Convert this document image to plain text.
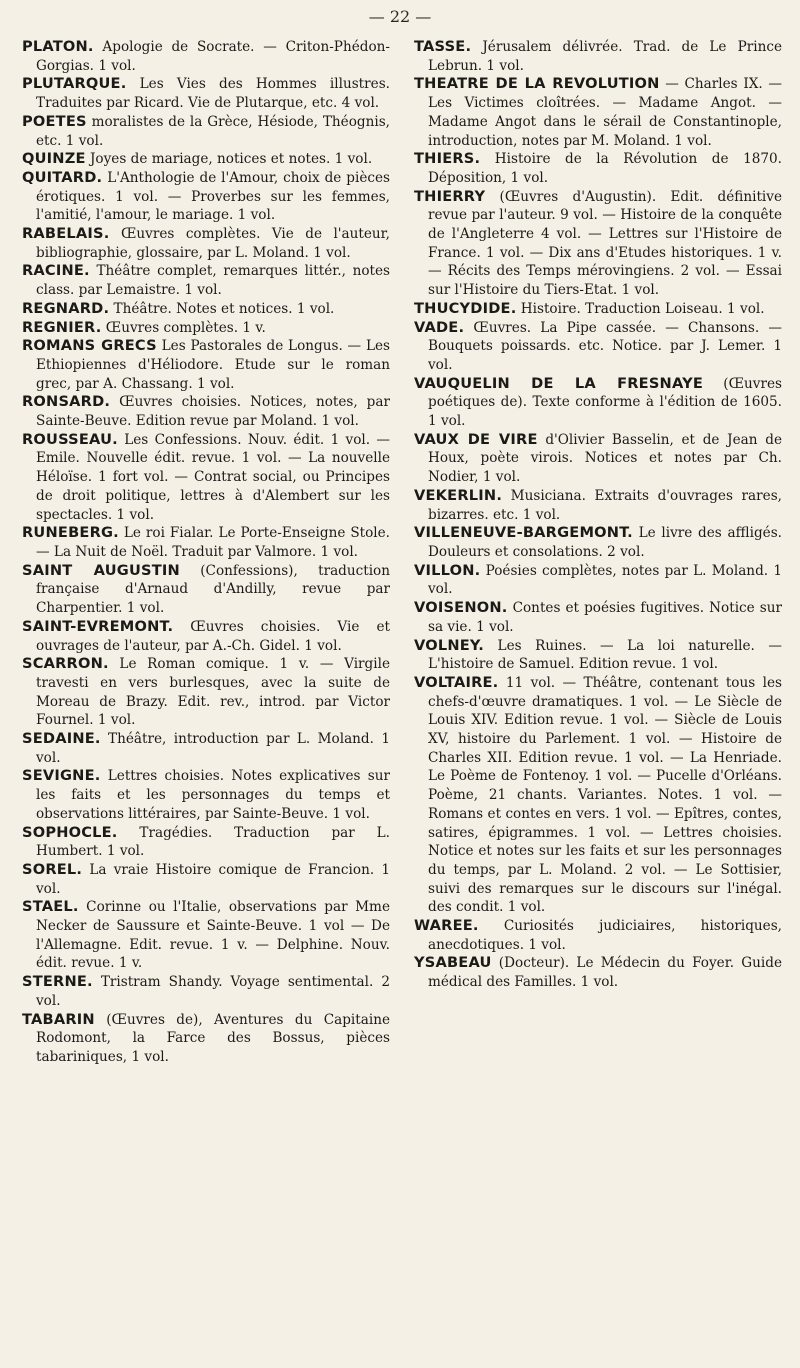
— 22 —
PLATON. Apologie de Socrate. — Criton-Phédon-Gorgias. 1 vol.
PLUTARQUE. Les Vies des Hommes illustres. Traduites par Ricard. Vie de Plutarque, etc. 4 vol.
POETES moralistes de la Grèce, Hésiode, Théognis, etc. 1 vol.
QUINZE Joyes de mariage, notices et notes. 1 vol.
QUITARD. L'Anthologie de l'Amour, choix de pièces érotiques. 1 vol. — Proverbes sur les femmes, l'amitié, l'amour, le mariage. 1 vol.
RABELAIS. Œuvres complètes. Vie de l'auteur, bibliographie, glossaire, par L. Moland. 1 vol.
RACINE. Théâtre complet, remarques littér., notes class. par Lemaistre. 1 vol.
REGNARD. Théâtre. Notes et notices. 1 vol.
REGNIER. Œuvres complètes. 1 v.
ROMANS GRECS Les Pastorales de Longus. — Les Ethiopiennes d'Héliodore. Etude sur le roman grec, par A. Chassang. 1 vol.
RONSARD. Œuvres choisies. Notices, notes, par Sainte-Beuve. Edition revue par Moland. 1 vol.
ROUSSEAU. Les Confessions. Nouv. édit. 1 vol. — Emile. Nouvelle édit. revue. 1 vol. — La nouvelle Héloïse. 1 fort vol. — Contrat social, ou Principes de droit politique, lettres à d'Alembert sur les spectacles. 1 vol.
RUNEBERG. Le roi Fialar. Le Porte-Enseigne Stole. — La Nuit de Noël. Traduit par Valmore. 1 vol.
SAINT AUGUSTIN (Confessions), traduction française d'Arnaud d'Andilly, revue par Charpentier. 1 vol.
SAINT-EVREMONT. Œuvres choisies. Vie et ouvrages de l'auteur, par A.-Ch. Gidel. 1 vol.
SCARRON. Le Roman comique. 1 v. — Virgile travesti en vers burlesques, avec la suite de Moreau de Brazy. Edit. rev., introd. par Victor Fournel. 1 vol.
SEDAINE. Théâtre, introduction par L. Moland. 1 vol.
SEVIGNE. Lettres choisies. Notes explicatives sur les faits et les personnages du temps et observations littéraires, par Sainte-Beuve. 1 vol.
SOPHOCLE. Tragédies. Traduction par L. Humbert. 1 vol.
SOREL. La vraie Histoire comique de Francion. 1 vol.
STAEL. Corinne ou l'Italie, observations par Mme Necker de Saussure et Sainte-Beuve. 1 vol — De l'Allemagne. Edit. revue. 1 v. — Delphine. Nouv. édit. revue. 1 v.
STERNE. Tristram Shandy. Voyage sentimental. 2 vol.
TABARIN (Œuvres de), Aventures du Capitaine Rodomont, la Farce des Bossus, pièces tabariniques, 1 vol.
TASSE. Jérusalem délivrée. Trad. de Le Prince Lebrun. 1 vol.
THEATRE DE LA REVOLUTION — Charles IX. — Les Victimes cloîtrées. — Madame Angot. — Madame Angot dans le sérail de Constantinople, introduction, notes par M. Moland. 1 vol.
THIERS. Histoire de la Révolution de 1870. Déposition, 1 vol.
THIERRY (Œuvres d'Augustin). Edit. définitive revue par l'auteur. 9 vol. — Histoire de la conquête de l'Angleterre 4 vol. — Lettres sur l'Histoire de France. 1 vol. — Dix ans d'Etudes historiques. 1 v. — Récits des Temps mérovingiens. 2 vol. — Essai sur l'Histoire du Tiers-Etat. 1 vol.
THUCYDIDE. Histoire. Traduction Loiseau. 1 vol.
VADE. Œuvres. La Pipe cassée. — Chansons. — Bouquets poissards. etc. Notice. par J. Lemer. 1 vol.
VAUQUELIN DE LA FRESNAYE (Œuvres poétiques de). Texte conforme à l'édition de 1605. 1 vol.
VAUX DE VIRE d'Olivier Basselin, et de Jean de Houx, poète virois. Notices et notes par Ch. Nodier, 1 vol.
VEKERLIN. Musiciana. Extraits d'ouvrages rares, bizarres. etc. 1 vol.
VILLENEUVE-BARGEMONT. Le livre des affligés. Douleurs et consolations. 2 vol.
VILLON. Poésies complètes, notes par L. Moland. 1 vol.
VOISENON. Contes et poésies fugitives. Notice sur sa vie. 1 vol.
VOLNEY. Les Ruines. — La loi naturelle. — L'histoire de Samuel. Edition revue. 1 vol.
VOLTAIRE. 11 vol. — Théâtre, contenant tous les chefs-d'œuvre dramatiques. 1 vol. — Le Siècle de Louis XIV. Edition revue. 1 vol. — Siècle de Louis XV, histoire du Parlement. 1 vol. — Histoire de Charles XII. Edition revue. 1 vol. — La Henriade. Le Poème de Fontenoy. 1 vol. — Pucelle d'Orléans. Poème, 21 chants. Variantes. Notes. 1 vol. — Romans et contes en vers. 1 vol. — Epîtres, contes, satires, épigrammes. 1 vol. — Lettres choisies. Notice et notes sur les faits et sur les personnages du temps, par L. Moland. 2 vol. — Le Sottisier, suivi des remarques sur le discours sur l'inégal. des condit. 1 vol.
WAREE. Curiosités judiciaires, historiques, anecdotiques. 1 vol.
YSABEAU (Docteur). Le Médecin du Foyer. Guide médical des Familles. 1 vol.
